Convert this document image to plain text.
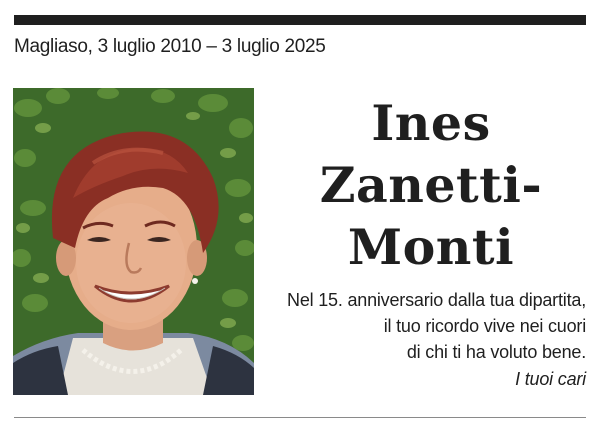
Magliaso, 3 luglio 2010 – 3 luglio 2025
Ines
Zanetti-
Monti
Nel 15. anniversario dalla tua dipartita,
il tuo ricordo vive nei cuori
di chi ti ha voluto bene.
I tuoi cari
